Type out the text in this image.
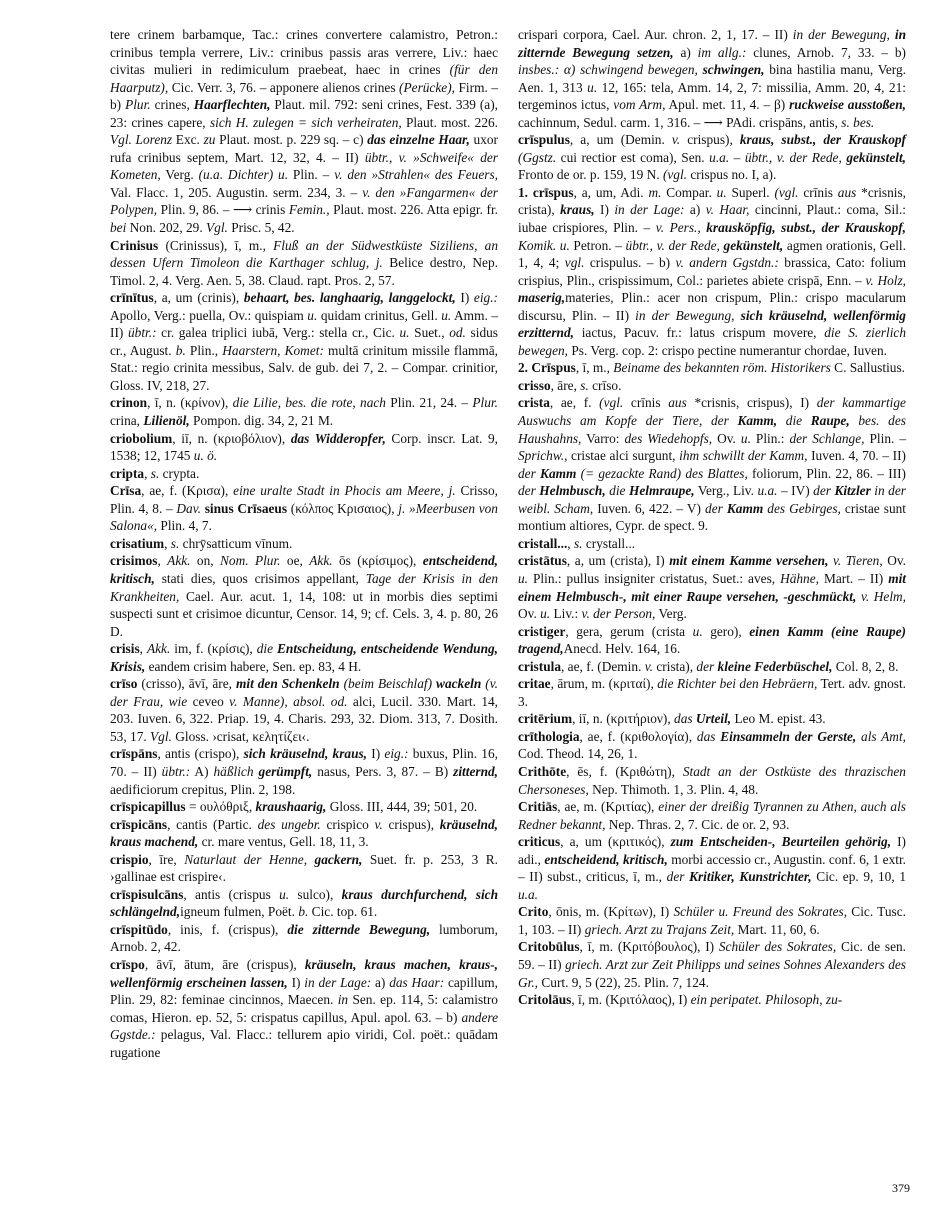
tere crinem barbamque, Tac.: crines convertere calamistro, Petron.: crinibus templa verrere, Liv.: crinibus passis aras verrere, Liv.: haec civitas mulieri in redimiculum praebeat, haec in crines (für den Haarputz), Cic. Verr. 3, 76. – apponere alienos crines (Perücke), Firm. – b) Plur. crines, Haarflechten, Plaut. mil. 792: seni crines, Fest. 339 (a), 23: crines capere, sich H. zulegen = sich verheiraten, Plaut. most. 226. Vgl. Lorenz Exc. zu Plaut. most. p. 229 sq. – c) das einzelne Haar, uxor rufa crinibus septem, Mart. 12, 32, 4. – II) übtr., v. »Schweife« der Kometen, Verg. (u.a. Dichter) u. Plin. – v. den »Strahlen« des Feuers, Val. Flacc. 1, 205. Augustin. serm. 234, 3. – v. den »Fangarmen« der Polypen, Plin. 9, 86. – ⟶ crinis Femin., Plaut. most. 226. Atta epigr. fr. bei Non. 202, 29. Vgl. Prisc. 5, 42.

Crinisus (Crinissus), ī, m., Fluß an der Südwestküste Siziliens, an dessen Ufern Timoleon die Karthager schlug, j. Belice destro, Nep. Timol. 2, 4. Verg. Aen. 5, 38. Claud. rapt. Pros. 2, 57.

crīnītus, a, um (crinis), behaart, bes. langhaarig, langgelockt, I) eig.: Apollo, Verg.: puella, Ov.: quispiam u. quidam crinitus, Gell. u. Amm. – II) übtr.: cr. galea triplici iubā, Verg.: stella cr., Cic. u. Suet., od. sidus cr., August. b. Plin., Haarstern, Komet: multā crinitum missile flammā, Stat.: regio crinita messibus, Salv. de gub. dei 7, 2. – Compar. crinitior, Gloss. IV, 218, 27.

crinon, ī, n. (κρίνον), die Lilie, bes. die rote, nach Plin. 21, 24. – Plur. crina, Lilienöl, Pompon. dig. 34, 2, 21 M.

criobolium, iī, n. (κριοβόλιον), das Widderopfer, Corp. inscr. Lat. 9, 1538; 12, 1745 u. ö.

cripta, s. crypta.

Crīsa, ae, f. (Κρισα), eine uralte Stadt in Phocis am Meere, j. Crisso, Plin. 4, 8. – Dav. sinus Crīsaeus (κόλπος Κρισαιος), j. »Meerbusen von Salona«, Plin. 4, 7.

crisatium, s. chrȳsatticum vīnum.

crisimos, Akk. on, Nom. Plur. oe, Akk. ōs (κρίσιμος), entscheidend, kritisch, stati dies, quos crisimos appellant, Tage der Krisis in den Krankheiten, Cael. Aur. acut. 1, 14, 108: ut in morbis dies septimi suspecti sunt et crisimoe dicuntur, Censor. 14, 9; cf. Cels. 3, 4. p. 80, 26 D.

crisis, Akk. im, f. (κρίσις), die Entscheidung, entscheidende Wendung, Krisis, eandem crisim habere, Sen. ep. 83, 4 H.

crīso (crisso), āvī, āre, mit den Schenkeln (beim Beischlaf) wackeln (v. der Frau, wie ceveo v. Manne), absol. od. alci, Lucil. 330. Mart. 14, 203. Iuven. 6, 322. Priap. 19, 4. Charis. 293, 32. Diom. 313, 7. Dosith. 53, 17. Vgl. Gloss. ›crisat, κελητίζει‹.

crīspāns, antis (crispo), sich kräuselnd, kraus, I) eig.: buxus, Plin. 16, 70. – II) übtr.: A) häßlich gerümpft, nasus, Pers. 3, 87. – B) zitternd, aedificiorum crepitus, Plin. 2, 198.

crīspicapillus = ουλόθριξ, kraushaarig, Gloss. III, 444, 39; 501, 20.

crīspicāns, cantis (Partic. des ungebr. crispico v. crispus), kräuselnd, kraus machend, cr. mare ventus, Gell. 18, 11, 3.

crispio, īre, Naturlaut der Henne, gackern, Suet. fr. p. 253, 3 R. ›gallinae est crispire‹.

crīspisulcāns, antis (crispus u. sulco), kraus durchfurchend, sich schlängelnd,igneum fulmen, Poët. b. Cic. top. 61.

crīspitūdo, inis, f. (crispus), die zitternde Bewegung, lumborum, Arnob. 2, 42.

crīspo, āvī, ātum, āre (crispus), kräuseln, kraus machen, kraus-, wellenförmig erscheinen lassen, I) in der Lage: a) das Haar: capillum, Plin. 29, 82: feminae cincinnos, Maecen. in Sen. ep. 114, 5: calamistro comas, Hieron. ep. 52, 5: crispatus capillus, Apul. apol. 63. – b) andere Ggstde.: pelagus, Val. Flacc.: tellurem apio viridi, Col. poët.: quādam rugatione

crispari corpora, Cael. Aur. chron. 2, 1, 17. – II) in der Bewegung, in zitternde Bewegung setzen, a) im allg.: clunes, Arnob. 7, 33. – b) insbes.: α) schwingend bewegen, schwingen, bina hastilia manu, Verg. Aen. 1, 313 u. 12, 165: tela, Amm. 14, 2, 7: missilia, Amm. 20, 4, 21: tergeminos ictus, vom Arm, Apul. met. 11, 4. – β) ruckweise ausstoßen, cachinnum, Sedul. carm. 1, 316. – ⟶ PAdi. crispāns, antis, s. bes.

crīspulus, a, um (Demin. v. crispus), kraus, subst., der Krauskopf (Ggstz. cui rectior est coma), Sen. u.a. – übtr., v. der Rede, gekünstelt, Fronto de or. p. 159, 19 N. (vgl. crispus no. I, a).

1. crīspus, a, um, Adi. m. Compar. u. Superl. (vgl. crīnis aus *crisnis, crista), kraus, I) in der Lage: a) v. Haar, cincinni, Plaut.: coma, Sil.: iubae crispiores, Plin. – v. Pers., krausköpfig, subst., der Krauskopf, Komik. u. Petron. – übtr., v. der Rede, gekünstelt, agmen orationis, Gell. 1, 4, 4; vgl. crispulus. – b) v. andern Ggstdn.: brassica, Cato: folium crispius, Plin., crispissimum, Col.: parietes abiete crispā, Enn. – v. Holz, maserig,materies, Plin.: acer non crispum, Plin.: crispo macularum discursu, Plin. – II) in der Bewegung, sich kräuselnd, wellenförmig erzitternd, iactus, Pacuv. fr.: latus crispum movere, die S. zierlich bewegen, Ps. Verg. cop. 2: crispo pectine numerantur chordae, Iuven.

2. Crīspus, ī, m., Beiname des bekannten röm. Historikers C. Sallustius.

crisso, āre, s. crīso.

crista, ae, f. (vgl. crīnis aus *crisnis, crispus), I) der kammartige Auswuchs am Kopfe der Tiere, der Kamm, die Raupe, bes. des Haushahns, Varro: des Wiedehopfs, Ov. u. Plin.: der Schlange, Plin. – Sprichw., cristae alci surgunt, ihm schwillt der Kamm, Iuven. 4, 70. – II) der Kamm (= gezackte Rand) des Blattes, foliorum, Plin. 22, 86. – III) der Helmbusch, die Helmraupe, Verg., Liv. u.a. – IV) der Kitzler in der weibl. Scham, Iuven. 6, 422. – V) der Kamm des Gebirges, cristae sunt montium altiores, Cypr. de spect. 9.

cristall..., s. crystall...

cristātus, a, um (crista), I) mit einem Kamme versehen, v. Tieren, Ov. u. Plin.: pullus insigniter cristatus, Suet.: aves, Hähne, Mart. – II) mit einem Helmbusch-, mit einer Raupe versehen, -geschmückt, v. Helm, Ov. u. Liv.: v. der Person, Verg.

cristiger, gera, gerum (crista u. gero), einen Kamm (eine Raupe) tragend,Anecd. Helv. 164, 16.

cristula, ae, f. (Demin. v. crista), der kleine Federbüschel, Col. 8, 2, 8.

critae, ārum, m. (κριταί), die Richter bei den Hebräern, Tert. adv. gnost. 3.

critērium, iī, n. (κριτήριον), das Urteil, Leo M. epist. 43.

crīthologia, ae, f. (κριθολογία), das Einsammeln der Gerste, als Amt, Cod. Theod. 14, 26, 1.

Crithōte, ēs, f. (Κριθώτη), Stadt an der Ostküste des thrazischen Chersoneses, Nep. Thimoth. 1, 3. Plin. 4, 48.

Critiās, ae, m. (Κριτίας), einer der dreißig Tyrannen zu Athen, auch als Redner bekannt, Nep. Thras. 2, 7. Cic. de or. 2, 93.

criticus, a, um (κριτικός), zum Entscheiden-, Beurteilen gehörig, I) adi., entscheidend, kritisch, morbi accessio cr., Augustin. conf. 6, 1 extr. – II) subst., criticus, ī, m., der Kritiker, Kunstrichter, Cic. ep. 9, 10, 1 u.a.

Crito, ōnis, m. (Κρίτων), I) Schüler u. Freund des Sokrates, Cic. Tusc. 1, 103. – II) griech. Arzt zu Trajans Zeit, Mart. 11, 60, 6.

Critobūlus, ī, m. (Κριτόβουλος), I) Schüler des Sokrates, Cic. de sen. 59. – II) griech. Arzt zur Zeit Philipps und seines Sohnes Alexanders des Gr., Curt. 9, 5 (22), 25. Plin. 7, 124.

Critolāus, ī, m. (Κριτόλαος), I) ein peripatet. Philosoph, zu-

379
